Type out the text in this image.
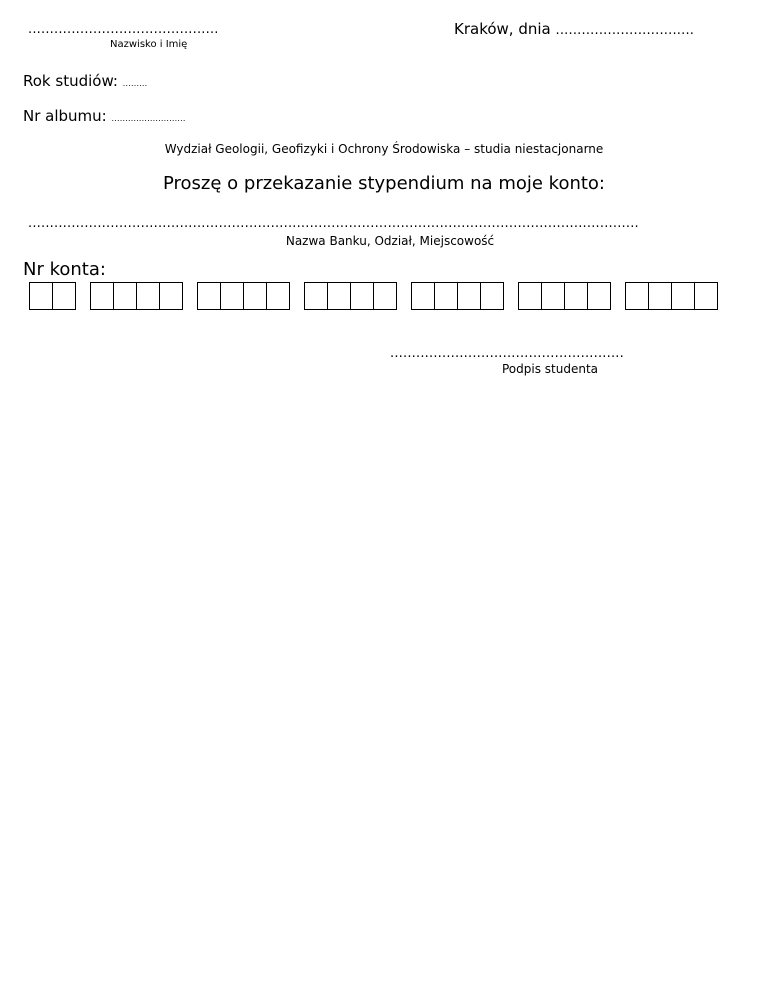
............................................
Nazwisko i Imię
Kraków, dnia ................................
Rok studiów: .........
Nr albumu: ...........................
Wydział Geologii, Geofizyki i Ochrony Środowiska – studia niestacjonarne
Proszę o przekazanie stypendium na moje konto:
.............................................................................................................................................
Nazwa Banku, Odział, Miejscowość
Nr konta:
......................................................
Podpis studenta
